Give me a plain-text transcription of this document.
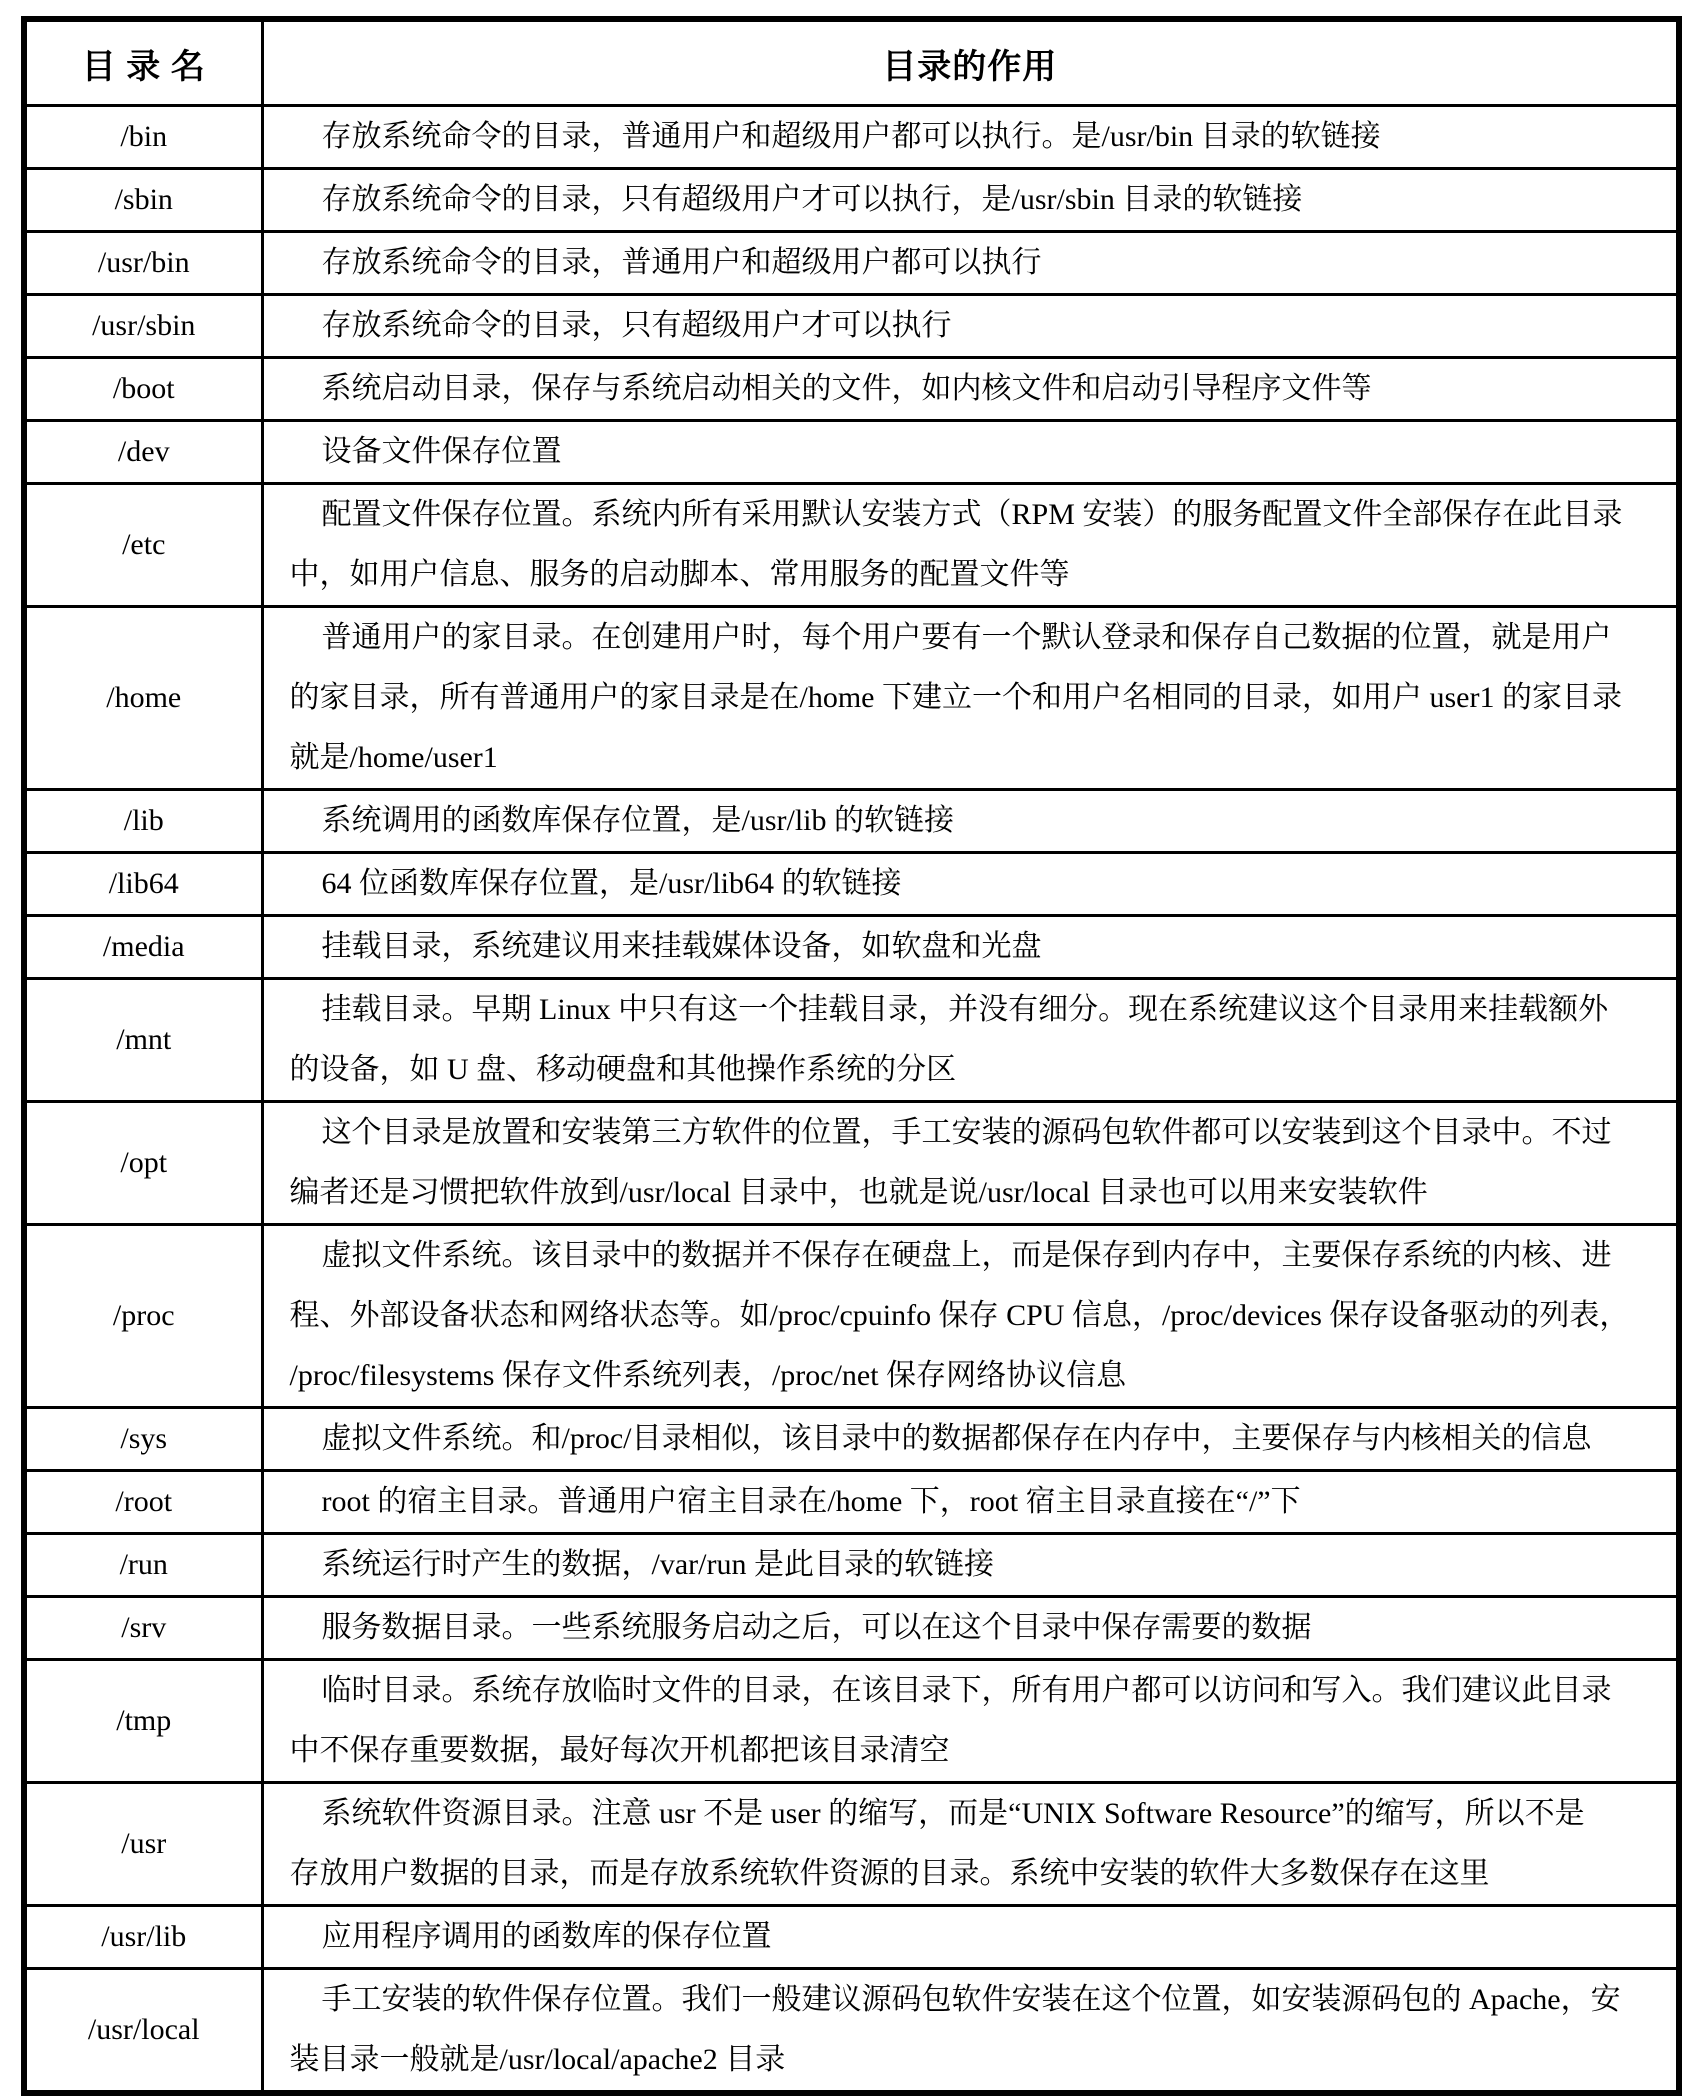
目 录 名	目录的作用
/bin	存放系统命令的目录，普通用户和超级用户都可以执行。是/usr/bin 目录的软链接

/sbin	存放系统命令的目录，只有超级用户才可以执行，是/usr/sbin 目录的软链接

/usr/bin	存放系统命令的目录，普通用户和超级用户都可以执行

/usr/sbin	存放系统命令的目录，只有超级用户才可以执行

/boot	系统启动目录，保存与系统启动相关的文件，如内核文件和启动引导程序文件等

/dev	设备文件保存位置

/etc	配置文件保存位置。系统内所有采用默认安装方式（RPM 安装）的服务配置文件全部保存在此目录
中，如用户信息、服务的启动脚本、常用服务的配置文件等

/home	普通用户的家目录。在创建用户时，每个用户要有一个默认登录和保存自己数据的位置，就是用户
的家目录，所有普通用户的家目录是在/home 下建立一个和用户名相同的目录，如用户 user1 的家目录
就是/home/user1

/lib	系统调用的函数库保存位置，是/usr/lib 的软链接

/lib64	64 位函数库保存位置，是/usr/lib64 的软链接

/media	挂载目录，系统建议用来挂载媒体设备，如软盘和光盘

/mnt	挂载目录。早期 Linux 中只有这一个挂载目录，并没有细分。现在系统建议这个目录用来挂载额外
的设备，如 U 盘、移动硬盘和其他操作系统的分区

/opt	这个目录是放置和安装第三方软件的位置，手工安装的源码包软件都可以安装到这个目录中。不过
编者还是习惯把软件放到/usr/local 目录中，也就是说/usr/local 目录也可以用来安装软件

/proc	虚拟文件系统。该目录中的数据并不保存在硬盘上，而是保存到内存中，主要保存系统的内核、进
程、外部设备状态和网络状态等。如/proc/cpuinfo 保存 CPU 信息，/proc/devices 保存设备驱动的列表，
/proc/filesystems 保存文件系统列表，/proc/net 保存网络协议信息

/sys	虚拟文件系统。和/proc/目录相似，该目录中的数据都保存在内存中，主要保存与内核相关的信息

/root	root 的宿主目录。普通用户宿主目录在/home 下，root 宿主目录直接在“/”下

/run	系统运行时产生的数据，/var/run 是此目录的软链接

/srv	服务数据目录。一些系统服务启动之后，可以在这个目录中保存需要的数据

/tmp	临时目录。系统存放临时文件的目录，在该目录下，所有用户都可以访问和写入。我们建议此目录
中不保存重要数据，最好每次开机都把该目录清空

/usr	系统软件资源目录。注意 usr 不是 user 的缩写，而是“UNIX Software Resource”的缩写，所以不是
存放用户数据的目录，而是存放系统软件资源的目录。系统中安装的软件大多数保存在这里

/usr/lib	应用程序调用的函数库的保存位置

/usr/local	手工安装的软件保存位置。我们一般建议源码包软件安装在这个位置，如安装源码包的 Apache，安
装目录一般就是/usr/local/apache2 目录
